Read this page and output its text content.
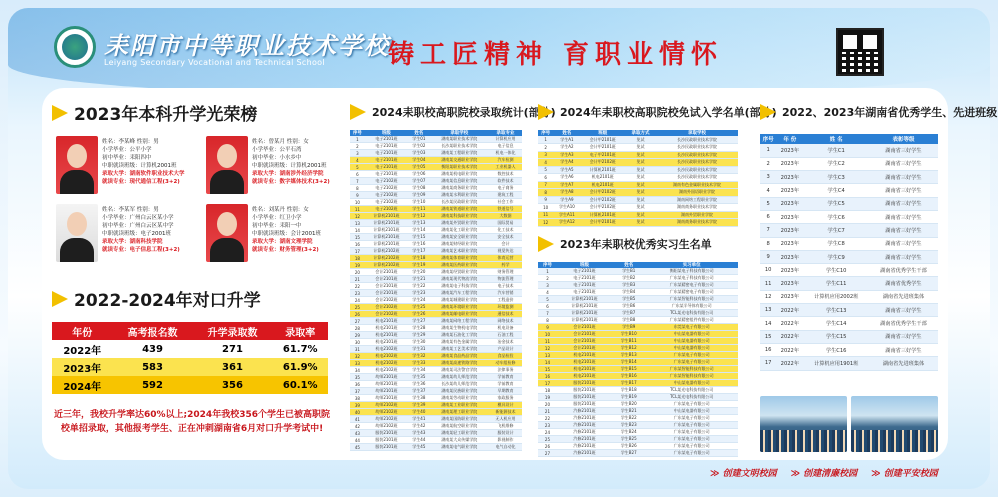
耒阳市中等职业技术学校
Leiyang Secondary Vocational and Technical School 铸工匠精神 育职业情怀
2023年本科升学光荣榜
姓名：李某峰 性别：男
小学毕业：公平小学
初中毕业：耒阳四中
中职就读班级：计算机2001班
录取大学：湖南软件职业技术大学
就读专业：现代通信工程(3+2)
姓名：曾某月 性别：女
小学毕业：公平石湾
初中毕业：小水乡中
中职就读班级：计算机2001班
录取大学：湖南涉外经济学院
就读专业：数字媒体技术(3+2)
姓名：李某军 性别：男
小学毕业：广州白云区某小学
初中毕业：广州白云区某中学
中职就读班级：电子2001班
录取大学：湖南科技学院
就读专业：电子信息工程(3+2)
姓名：刘某丹 性别：女
小学毕业：红卫小学
初中毕业：耒阳一中
中职就读班级：会计2001班
录取大学：湖南文理学院
就读专业：财务管理(3+2)
2022-2024年对口升学
年份	高考报名数	升学录取数	录取率
2022年	439	271	61.7%
2023年	583	361	61.9%
2024年	592	356	60.1%
近三年，我校升学率达60%以上;2024年我校356个学生已被高职院校单招录取，其他报考学生、正在冲刺湖南省6月对口升学考试中!
2024耒职校高职院校录取统计(部分)
序号	班级	姓名	录取学校	录取专业
1	电子2101班	学生01	湖南某职业技术学院	计算机应用
2	电子2101班	学生02	长沙某职业技术学院	电子信息
3	电子2101班	学生03	湖南某工程职业学院	机电一体化
4	电子2101班	学生04	湖南某交通职业学院	汽车检测
5	电子2101班	学生05	衡阳某职业技术学院	工业机器人
6	电子2101班	学生06	湖南某机电职业学院	数控技术
7	电子2102班	学生07	湖南某信息职业学院	软件技术
8	电子2102班	学生08	湖南某商务职业学院	电子商务
9	电子2102班	学生09	湖南某水利职业学院	建筑工程
10	电子2102班	学生10	长沙某民政职业学院	社会工作
11	电子2102班	学生11	湖南某铁道职业学院	铁道信号
12	计算机2101班	学生12	湖南某科技职业学院	大数据
13	计算机2101班	学生13	湖南某外贸职业学院	国际贸易
14	计算机2101班	学生14	湖南某化工职业学院	化工技术
15	计算机2101班	学生15	湖南某安全职业学院	安全技术
16	计算机2101班	学生16	湖南某财经职业学院	会计
17	计算机2102班	学生17	湖南某艺术职业学院	视觉传达
18	计算机2102班	学生18	湖南某体育职业学院	体育运营
19	计算机2102班	学生19	湖南某医药职业学院	药学
20	会计2101班	学生20	湖南某经贸职业学院	财务管理
21	会计2101班	学生21	湖南某现代物流学院	物流管理
22	会计2101班	学生22	湖南某电子科技学院	电子技术
23	会计2101班	学生23	湖南某汽车工程学院	汽车营销
24	会计2102班	学生24	湖南某城建职业学院	工程造价
25	会计2102班	学生25	湖南某环境职业学院	环境监测
26	会计2102班	学生26	湖南某邮电职业学院	通信技术
27	机电2101班	学生27	湖南某网络工程学院	网络技术
28	机电2101班	学生28	湖南某生物机电学院	机电设备
29	机电2101班	学生29	湖南某石油化工学院	石油工程
30	机电2101班	学生30	湖南某有色金属学院	冶金技术
31	机电2102班	学生31	湖南某工艺美术学院	产品设计
32	机电2102班	学生32	湖南某食品药品学院	食品检验
33	机电2102班	学生33	湖南某高速铁路学院	动车组检修
34	机电2102班	学生34	湖南某司法警官学院	法律事务
35	幼师2101班	学生35	湖南某幼儿师范学院	学前教育
36	幼师2101班	学生36	长沙某幼儿师范学院	学前教育
37	幼师2101班	学生37	湖南某民族职业学院	早期教育
38	幼师2101班	学生38	湖南某劳动职业学院	家政服务
39	幼师2102班	学生39	湖南某工业职业学院	模具设计
40	幼师2102班	学生40	湖南某理工职业学院	新能源技术
41	幼师2102班	学生41	湖南某国防职业学院	无人机应用
42	幼师2102班	学生42	湖南某航空职业学院	飞机维修
43	服装2101班	学生43	湖南某轻工职业学院	服装设计
44	服装2101班	学生44	湖南某大众传媒学院	影视制作
45	服装2101班	学生45	湖南某电气职业学院	电气自动化
2024年耒职校高职院校免试入学名单(部分)
序号	姓名	班级	录取方式	录取学校
1	学生A1	会计甲2101班	免试	长沙民政职业技术学院
2	学生A2	会计甲2101班	免试	长沙民政职业技术学院
3	学生A3	电子甲2101班	免试	长沙民政职业技术学院
4	学生A4	会计甲2102班	免试	长沙民政职业技术学院
5	学生A5	计算机2101班	免试	长沙民政职业技术学院
6	学生A6	机电2101班	免试	长沙民政职业技术学院
7	学生A7	机电2101班	免试	湖南有色金属职业技术学院
8	学生A8	会计甲2102班	免试	湖南外国语职业学院
9	学生A9	会计甲2102班	免试	湖南网络工程职业学院
10	学生A10	会计甲2102班	免试	湖南商务职业技术学院
11	学生A11	计算机2101班	免试	湖南外贸职业学院
12	学生A12	会计甲2101班	免试	湖南商务职业技术学院
2023年耒职校优秀实习生名单
序号	班级	姓名	实习单位
1	电子2101班	学生B1	衡阳某电子科技有限公司
2	电子2101班	学生B2	广东某电子科技有限公司
3	电子2101班	学生B3	广东某精密电子有限公司
4	电子2101班	学生B4	广东某精密电子有限公司
5	计算机2101班	学生B5	广东某智能科技有限公司
6	计算机2101班	学生B6	广东某半导体有限公司
7	计算机2101班	学生B7	TCL某光电科技有限公司
8	计算机2101班	学生B8	广东某精密组件有限公司
9	会计2101班	学生B9	东莞某电子有限公司
10	会计2101班	学生B10	中山某电器有限公司
11	会计2101班	学生B11	中山某电器有限公司
12	会计2101班	学生B12	中山某电器有限公司
13	机电2101班	学生B13	广东某电子有限公司
14	机电2101班	学生B14	广东某电子有限公司
15	机电2101班	学生B15	广东某智能科技有限公司
16	机电2101班	学生B16	广东某智能科技有限公司
17	服装2101班	学生B17	中山某电器有限公司
18	服装2101班	学生B18	TCL某光电科技有限公司
19	服装2101班	学生B19	TCL某光电科技有限公司
20	服装2101班	学生B20	广东某电子有限公司
21	汽修2101班	学生B21	中山某电器有限公司
22	汽修2101班	学生B22	广东某电子有限公司
23	汽修2101班	学生B23	广东某电子有限公司
24	汽修2101班	学生B24	广东某电子有限公司
25	汽修2101班	学生B25	广东某电子有限公司
26	汽修2101班	学生B26	广东某电子有限公司
27	汽修2101班	学生B27	广东某电子有限公司
2022、2023年湖南省优秀学生、先进班级
序号	年 份	姓 名	表彰等级
1	2023年	学生C1	湖南省三好学生
2	2023年	学生C2	湖南省三好学生
3	2023年	学生C3	湖南省三好学生
4	2023年	学生C4	湖南省三好学生
5	2023年	学生C5	湖南省三好学生
6	2023年	学生C6	湖南省三好学生
7	2023年	学生C7	湖南省三好学生
8	2023年	学生C8	湖南省三好学生
9	2023年	学生C9	湖南省三好学生
10	2023年	学生C10	湖南省优秀学生干部
11	2023年	学生C11	湖南省优秀学生
12	2023年	计算机应用2002班	湖南省先进班集体
13	2022年	学生C13	湖南省三好学生
14	2022年	学生C14	湖南省优秀学生干部
15	2022年	学生C15	湖南省三好学生
16	2022年	学生C16	湖南省三好学生
17	2022年	计算机应用1901班	湖南省先进班集体
≫ 创建文明校园	≫ 创建清廉校园	≫ 创建平安校园
